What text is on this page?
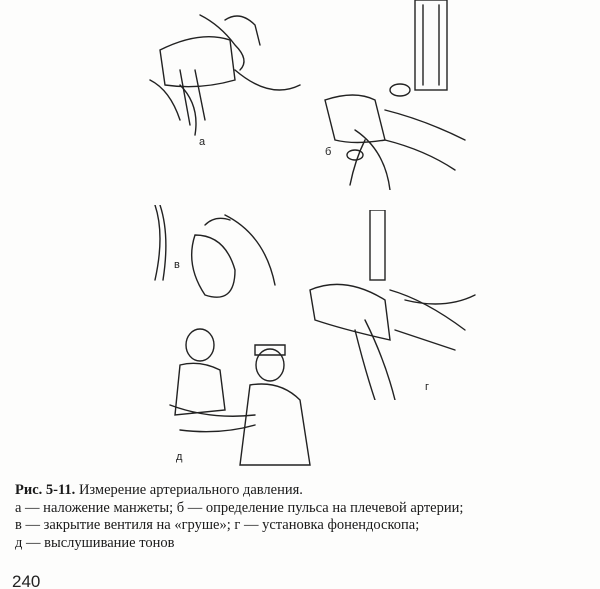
а
б
в
г
д
Рис. 5-11. Измерение артериального давления.
а — наложение манжеты; б — определение пульса на плечевой артерии;
в — закрытие вентиля на «груше»; г — установка фонендоскопа;
д — выслушивание тонов
240
